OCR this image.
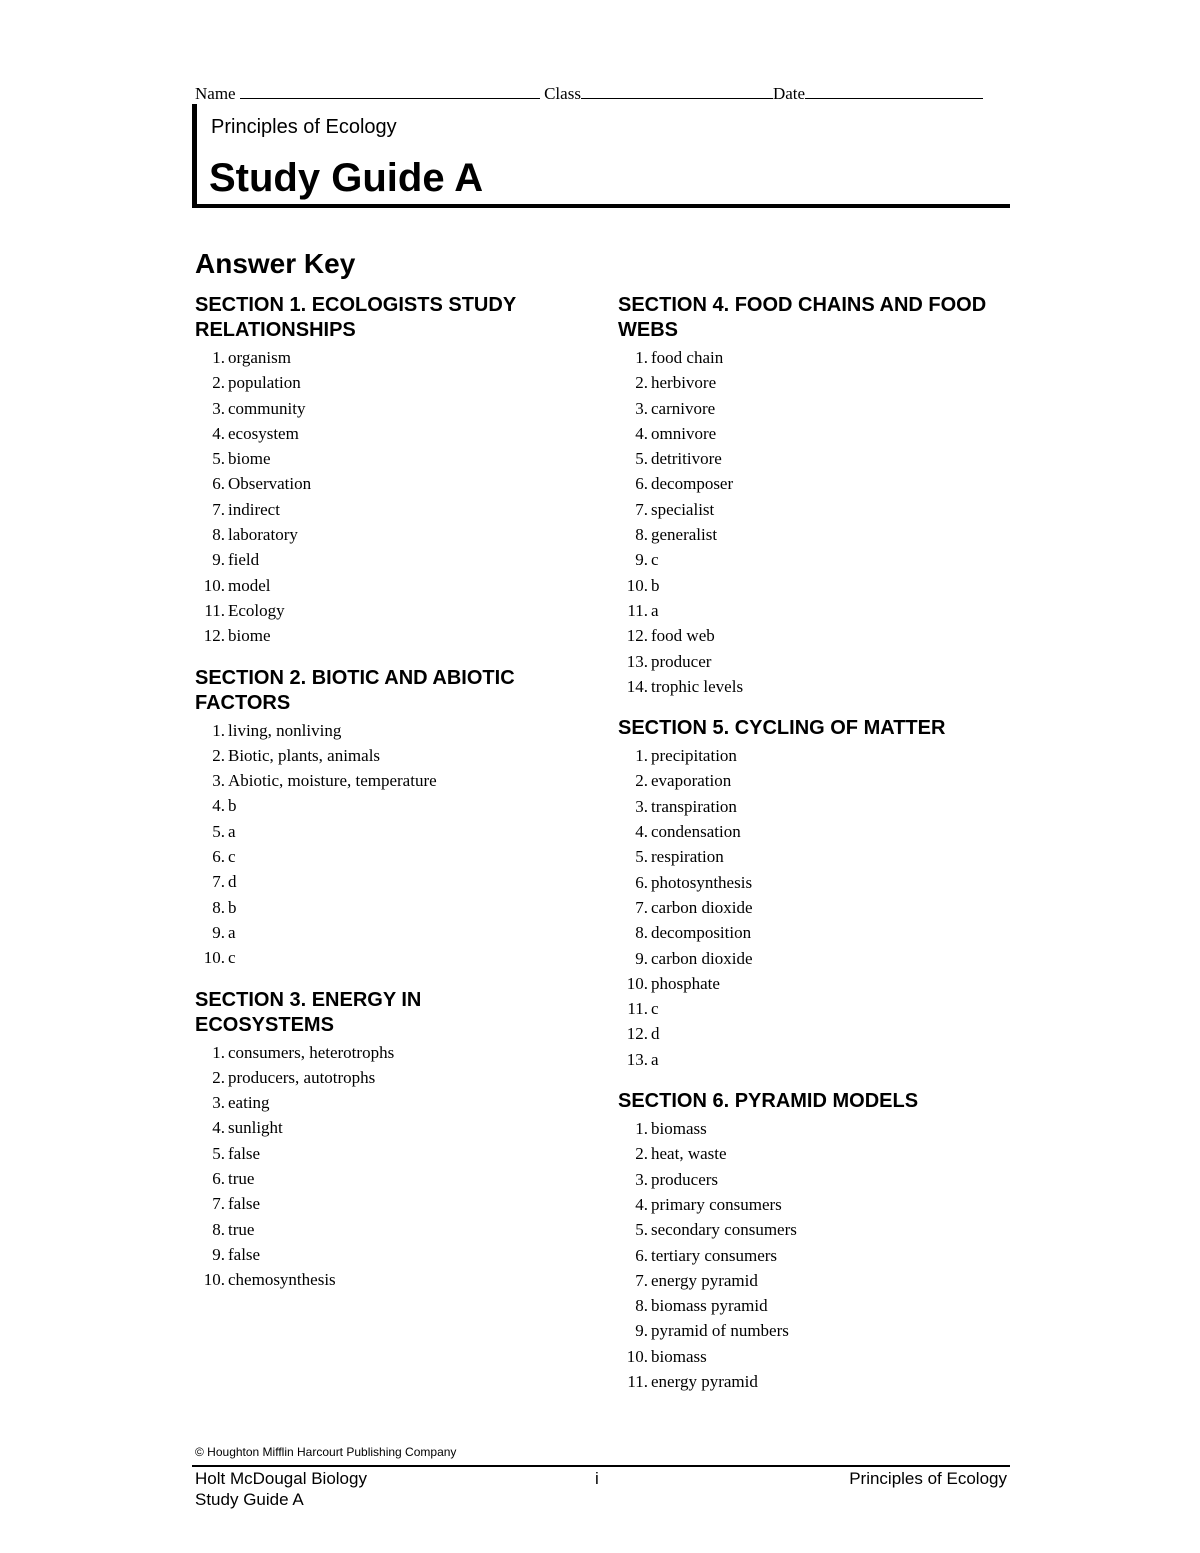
Name	Class	Date
Principles of Ecology
Study Guide A
Answer Key
SECTION 1. ECOLOGISTS STUDY RELATIONSHIPS
1. organism
2. population
3. community
4. ecosystem
5. biome
6. Observation
7. indirect
8. laboratory
9. field
10. model
11. Ecology
12. biome
SECTION 2. BIOTIC AND ABIOTIC FACTORS
1. living, nonliving
2. Biotic, plants, animals
3. Abiotic, moisture, temperature
4. b
5. a
6. c
7. d
8. b
9. a
10. c
SECTION 3. ENERGY IN ECOSYSTEMS
1. consumers, heterotrophs
2. producers, autotrophs
3. eating
4. sunlight
5. false
6. true
7. false
8. true
9. false
10. chemosynthesis
SECTION 4. FOOD CHAINS AND FOOD WEBS
1. food chain
2. herbivore
3. carnivore
4. omnivore
5. detritivore
6. decomposer
7. specialist
8. generalist
9. c
10. b
11. a
12. food web
13. producer
14. trophic levels
SECTION 5. CYCLING OF MATTER
1. precipitation
2. evaporation
3. transpiration
4. condensation
5. respiration
6. photosynthesis
7. carbon dioxide
8. decomposition
9. carbon dioxide
10. phosphate
11. c
12. d
13. a
SECTION 6. PYRAMID MODELS
1. biomass
2. heat, waste
3. producers
4. primary consumers
5. secondary consumers
6. tertiary consumers
7. energy pyramid
8. biomass pyramid
9. pyramid of numbers
10. biomass
11. energy pyramid
© Houghton Mifflin Harcourt Publishing Company
Holt McDougal Biology	i	Principles of Ecology
Study Guide A
